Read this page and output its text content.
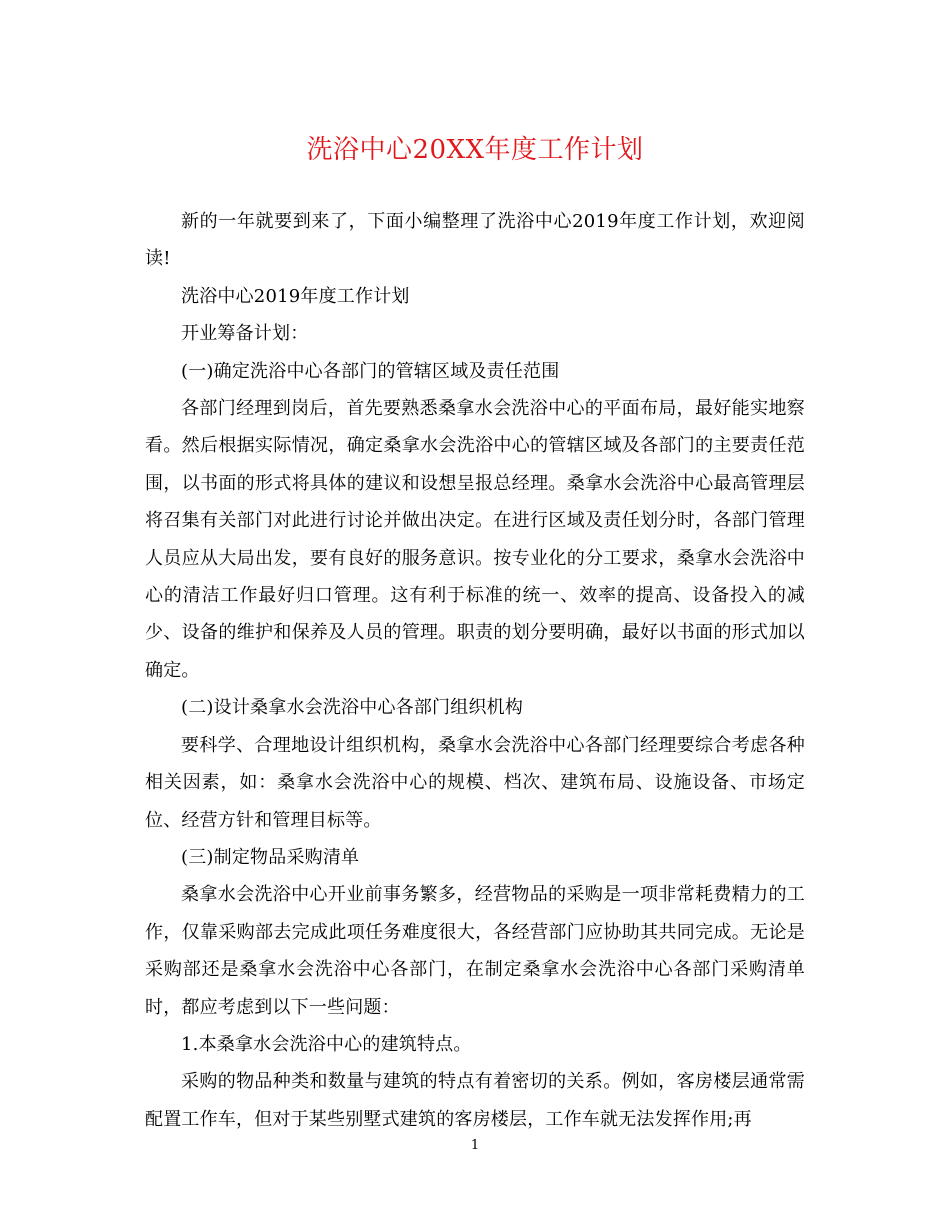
洗浴中心20XX年度工作计划

新的一年就要到来了，下面小编整理了洗浴中心2019年度工作计划，欢迎阅读!

洗浴中心2019年度工作计划

开业筹备计划：

(一)确定洗浴中心各部门的管辖区域及责任范围

各部门经理到岗后，首先要熟悉桑拿水会洗浴中心的平面布局，最好能实地察看。然后根据实际情况，确定桑拿水会洗浴中心的管辖区域及各部门的主要责任范围，以书面的形式将具体的建议和设想呈报总经理。桑拿水会洗浴中心最高管理层将召集有关部门对此进行讨论并做出决定。在进行区域及责任划分时，各部门管理人员应从大局出发，要有良好的服务意识。按专业化的分工要求，桑拿水会洗浴中心的清洁工作最好归口管理。这有利于标准的统一、效率的提高、设备投入的减少、设备的维护和保养及人员的管理。职责的划分要明确，最好以书面的形式加以确定。

(二)设计桑拿水会洗浴中心各部门组织机构

要科学、合理地设计组织机构，桑拿水会洗浴中心各部门经理要综合考虑各种相关因素，如：桑拿水会洗浴中心的规模、档次、建筑布局、设施设备、市场定位、经营方针和管理目标等。

(三)制定物品采购清单

桑拿水会洗浴中心开业前事务繁多，经营物品的采购是一项非常耗费精力的工作，仅靠采购部去完成此项任务难度很大，各经营部门应协助其共同完成。无论是采购部还是桑拿水会洗浴中心各部门，在制定桑拿水会洗浴中心各部门采购清单时，都应考虑到以下一些问题：

1.本桑拿水会洗浴中心的建筑特点。

采购的物品种类和数量与建筑的特点有着密切的关系。例如，客房楼层通常需配置工作车，但对于某些别墅式建筑的客房楼层，工作车就无法发挥作用;再

1
